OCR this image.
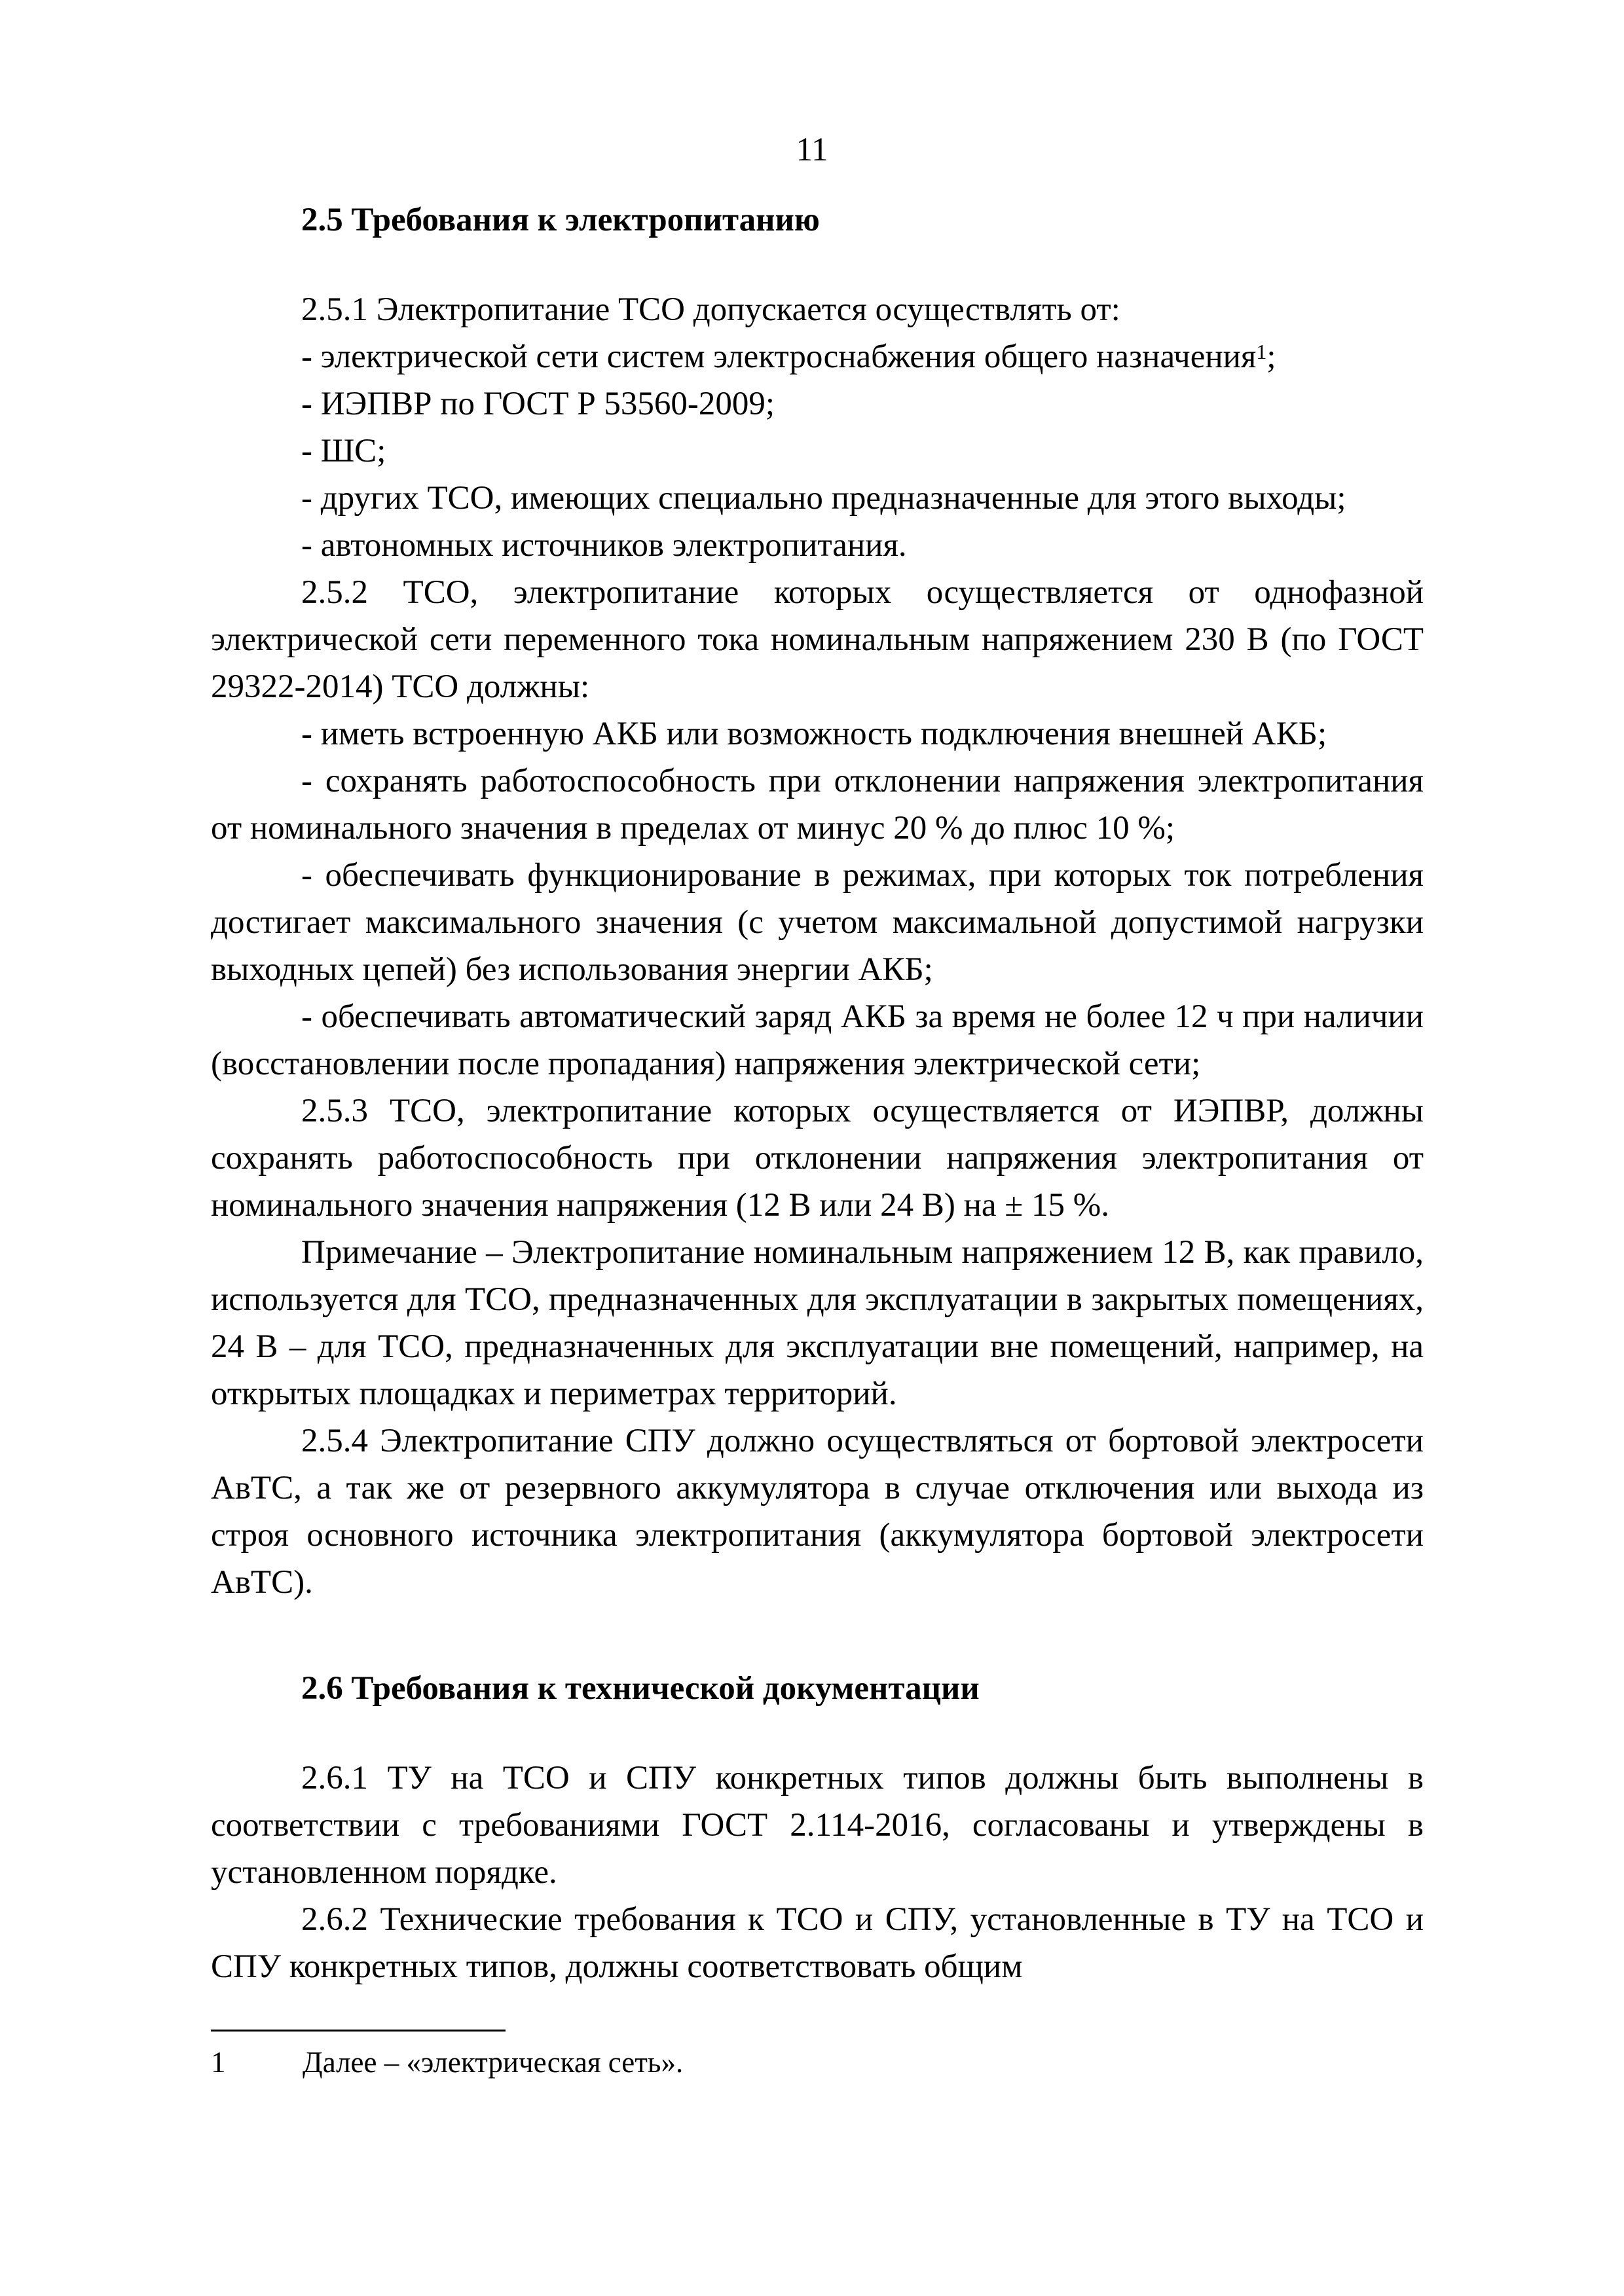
11

2.5 Требования к электропитанию

2.5.1 Электропитание ТСО допускается осуществлять от:

- электрической сети систем электроснабжения общего назначения$^1$;

- ИЭПВР по ГОСТ Р 53560-2009;

- ШС;

- других ТСО, имеющих специально предназначенные для этого выходы;

- автономных источников электропитания.

2.5.2 ТСО, электропитание которых осуществляется от однофазной электрической сети переменного тока номинальным напряжением 230 В (по ГОСТ 29322-2014) ТСО должны:

- иметь встроенную АКБ или возможность подключения внешней АКБ;

- сохранять работоспособность при отклонении напряжения электропитания от номинального значения в пределах от минус 20 % до плюс 10 %;

- обеспечивать функционирование в режимах, при которых ток потребления достигает максимального значения (с учетом максимальной допустимой нагрузки выходных цепей) без использования энергии АКБ;

- обеспечивать автоматический заряд АКБ за время не более 12 ч при наличии (восстановлении после пропадания) напряжения электрической сети;

2.5.3 ТСО, электропитание которых осуществляется от ИЭПВР, должны сохранять работоспособность при отклонении напряжения электропитания от номинального значения напряжения (12 В или 24 В) на ± 15 %.

Примечание – Электропитание номинальным напряжением 12 В, как правило, используется для ТСО, предназначенных для эксплуатации в закрытых помещениях, 24 В – для ТСО, предназначенных для эксплуатации вне помещений, например, на открытых площадках и периметрах территорий.

2.5.4 Электропитание СПУ должно осуществляться от бортовой электросети АвТС, а так же от резервного аккумулятора в случае отключения или выхода из строя основного источника электропитания (аккумулятора бортовой электросети АвТС).

2.6 Требования к технической документации

2.6.1 ТУ на ТСО и СПУ конкретных типов должны быть выполнены в соответствии с требованиями ГОСТ 2.114-2016, согласованы и утверждены в установленном порядке.

2.6.2 Технические требования к ТСО и СПУ, установленные в ТУ на ТСО и СПУ конкретных типов, должны соответствовать общим

1	Далее – «электрическая сеть».
